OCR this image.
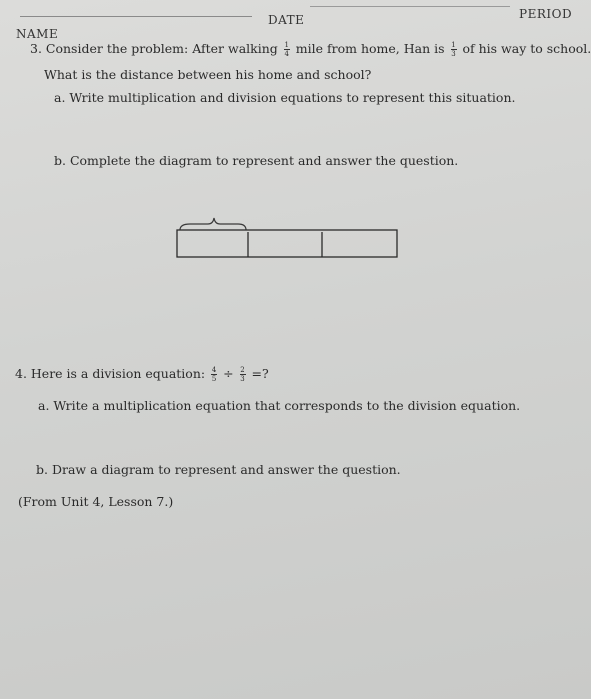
NAME
DATE	PERIOD
3. Consider the problem: After walking $\frac{1}{4}$ mile from home, Han is $\frac{1}{3}$ of his way to school.
What is the distance between his home and school?
a. Write multiplication and division equations to represent this situation.
b. Complete the diagram to represent and answer the question.
4. Here is a division equation: $\frac{4}{5} \div \frac{2}{3}$ =?
a. Write a multiplication equation that corresponds to the division equation.
b. Draw a diagram to represent and answer the question.
(From Unit 4, Lesson 7.)
